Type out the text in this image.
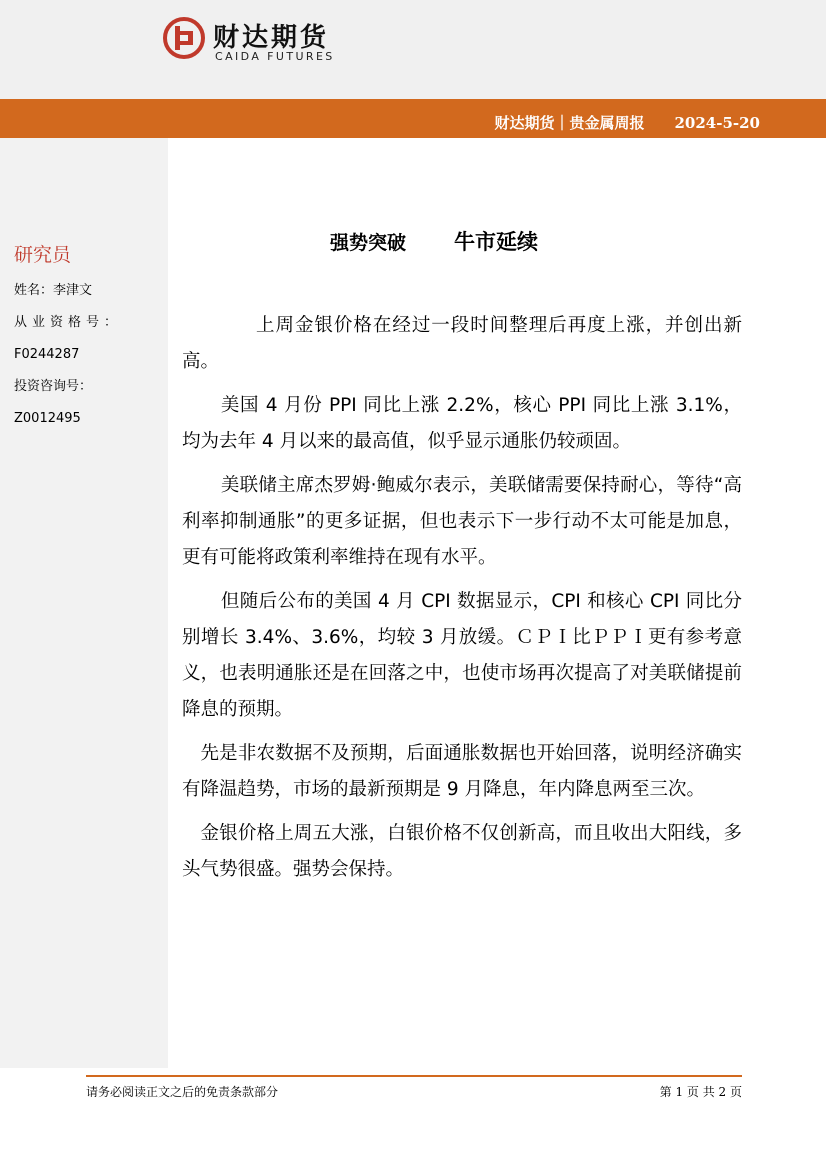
财达期货
CAIDA FUTURES
财达期货｜贵金属周报 2024-5-20
研究员
姓名：李津文
从业资格号：
F0244287
投资咨询号：
Z0012495
强势突破 牛市延续

上周金银价格在经过一段时间整理后再度上涨，并创出新高。

美国 4 月份 PPI 同比上涨 2.2%，核心 PPI 同比上涨 3.1%，均为去年 4 月以来的最高值，似乎显示通胀仍较顽固。

美联储主席杰罗姆·鲍威尔表示，美联储需要保持耐心，等待“高利率抑制通胀”的更多证据，但也表示下一步行动不太可能是加息，更有可能将政策利率维持在现有水平。

但随后公布的美国 4 月 CPI 数据显示，CPI 和核心 CPI 同比分别增长 3.4%、3.6%，均较 3 月放缓。ＣＰＩ比ＰＰＩ更有参考意义，也表明通胀还是在回落之中，也使市场再次提高了对美联储提前降息的预期。

先是非农数据不及预期，后面通胀数据也开始回落，说明经济确实有降温趋势，市场的最新预期是 9 月降息，年内降息两至三次。

金银价格上周五大涨，白银价格不仅创新高，而且收出大阳线，多头气势很盛。强势会保持。

请务必阅读正文之后的免责条款部分	第 1 页 共 2 页
